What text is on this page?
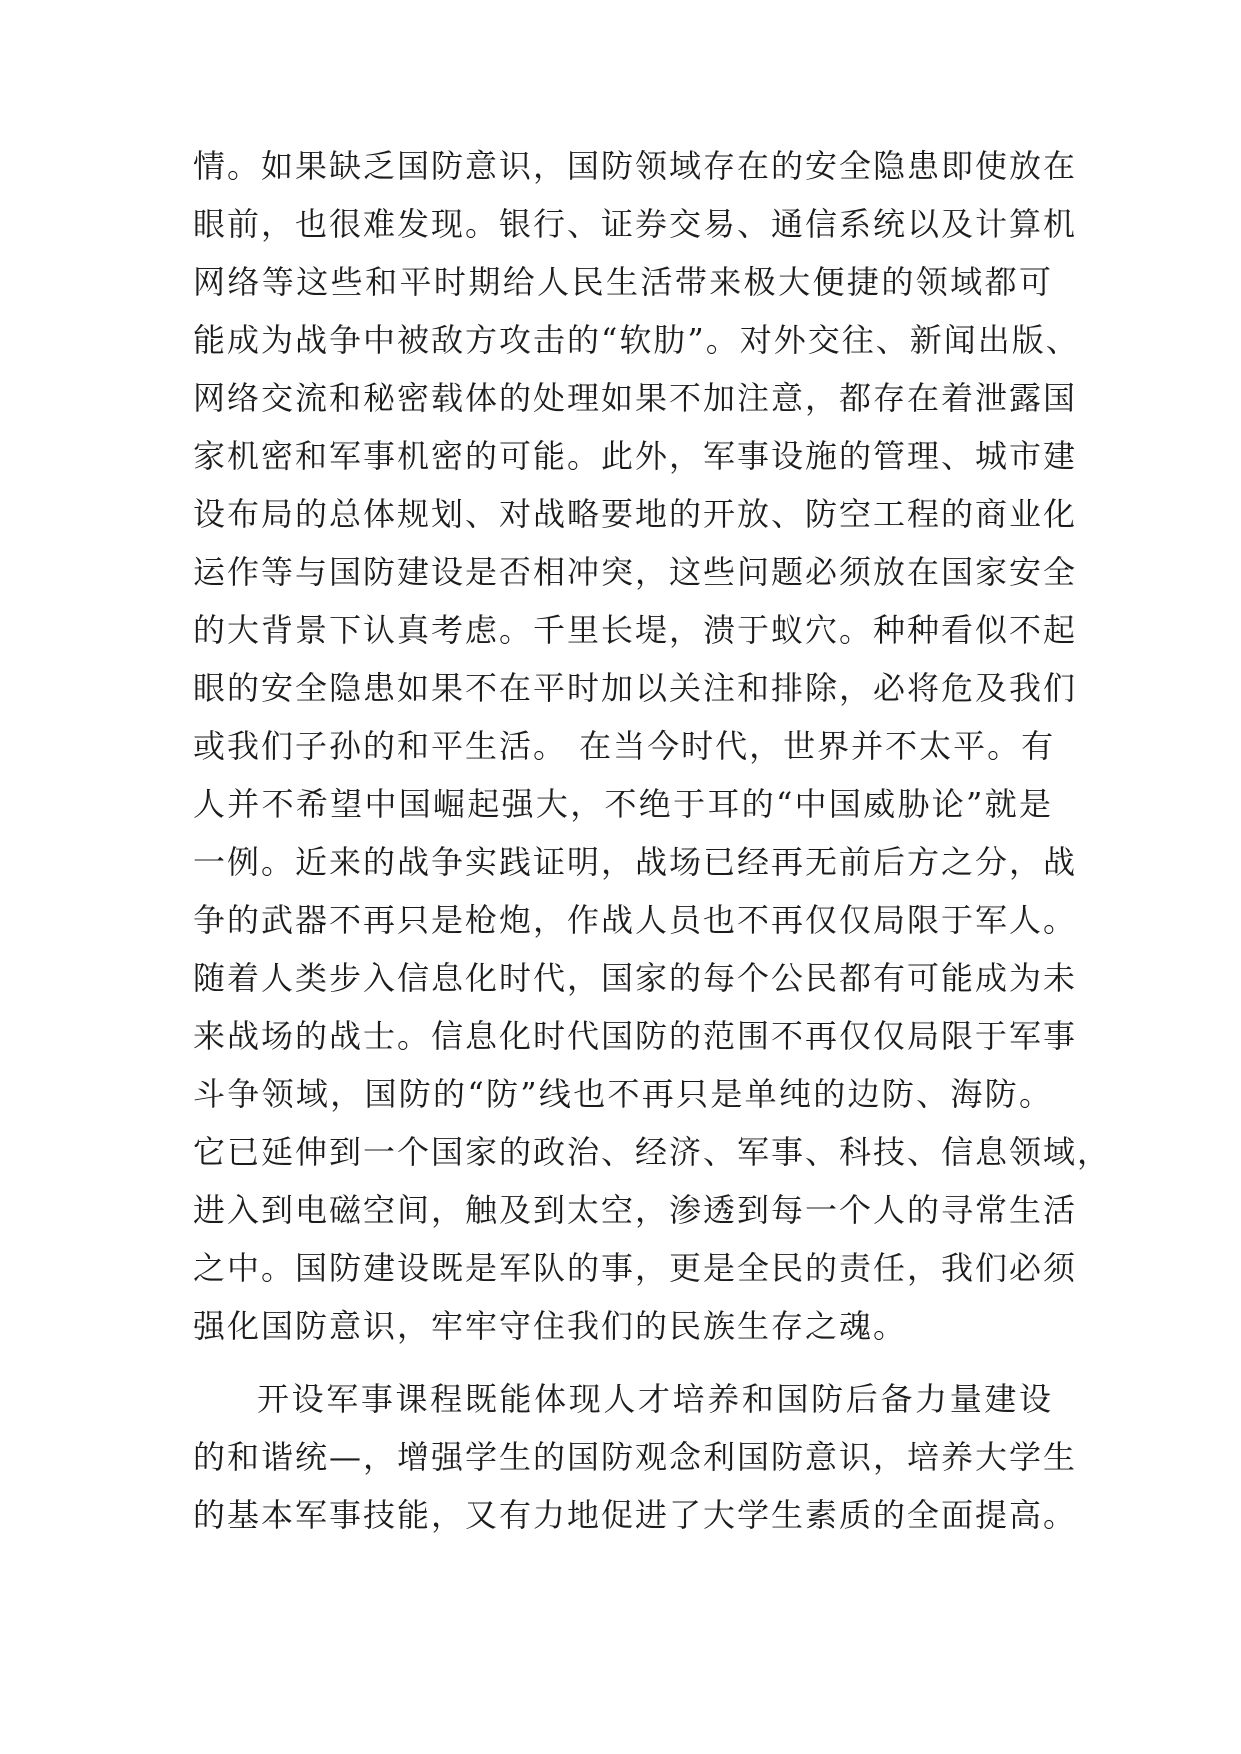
情。如果缺乏国防意识，国防领域存在的安全隐患即使放在
眼前，也很难发现。银行、证券交易、通信系统以及计算机
网络等这些和平时期给人民生活带来极大便捷的领域都可
能成为战争中被敌方攻击的“软肋”。对外交往、新闻出版、
网络交流和秘密载体的处理如果不加注意，都存在着泄露国
家机密和军事机密的可能。此外，军事设施的管理、城市建
设布局的总体规划、对战略要地的开放、防空工程的商业化
运作等与国防建设是否相冲突，这些问题必须放在国家安全
的大背景下认真考虑。千里长堤，溃于蚁穴。种种看似不起
眼的安全隐患如果不在平时加以关注和排除，必将危及我们
或我们子孙的和平生活。 在当今时代，世界并不太平。有
人并不希望中国崛起强大，不绝于耳的“中国威胁论”就是
一例。近来的战争实践证明，战场已经再无前后方之分，战
争的武器不再只是枪炮，作战人员也不再仅仅局限于军人。
随着人类步入信息化时代，国家的每个公民都有可能成为未
来战场的战士。信息化时代国防的范围不再仅仅局限于军事
斗争领域，国防的“防”线也不再只是单纯的边防、海防。
它已延伸到一个国家的政治、经济、军事、科技、信息领域，
进入到电磁空间，触及到太空，渗透到每一个人的寻常生活
之中。国防建设既是军队的事，更是全民的责任，我们必须
强化国防意识，牢牢守住我们的民族生存之魂。
开设军事课程既能体现人才培养和国防后备力量建设
的和谐统—，增强学生的国防观念利国防意识，培养大学生
的基本军事技能，又有力地促进了大学生素质的全面提高。
